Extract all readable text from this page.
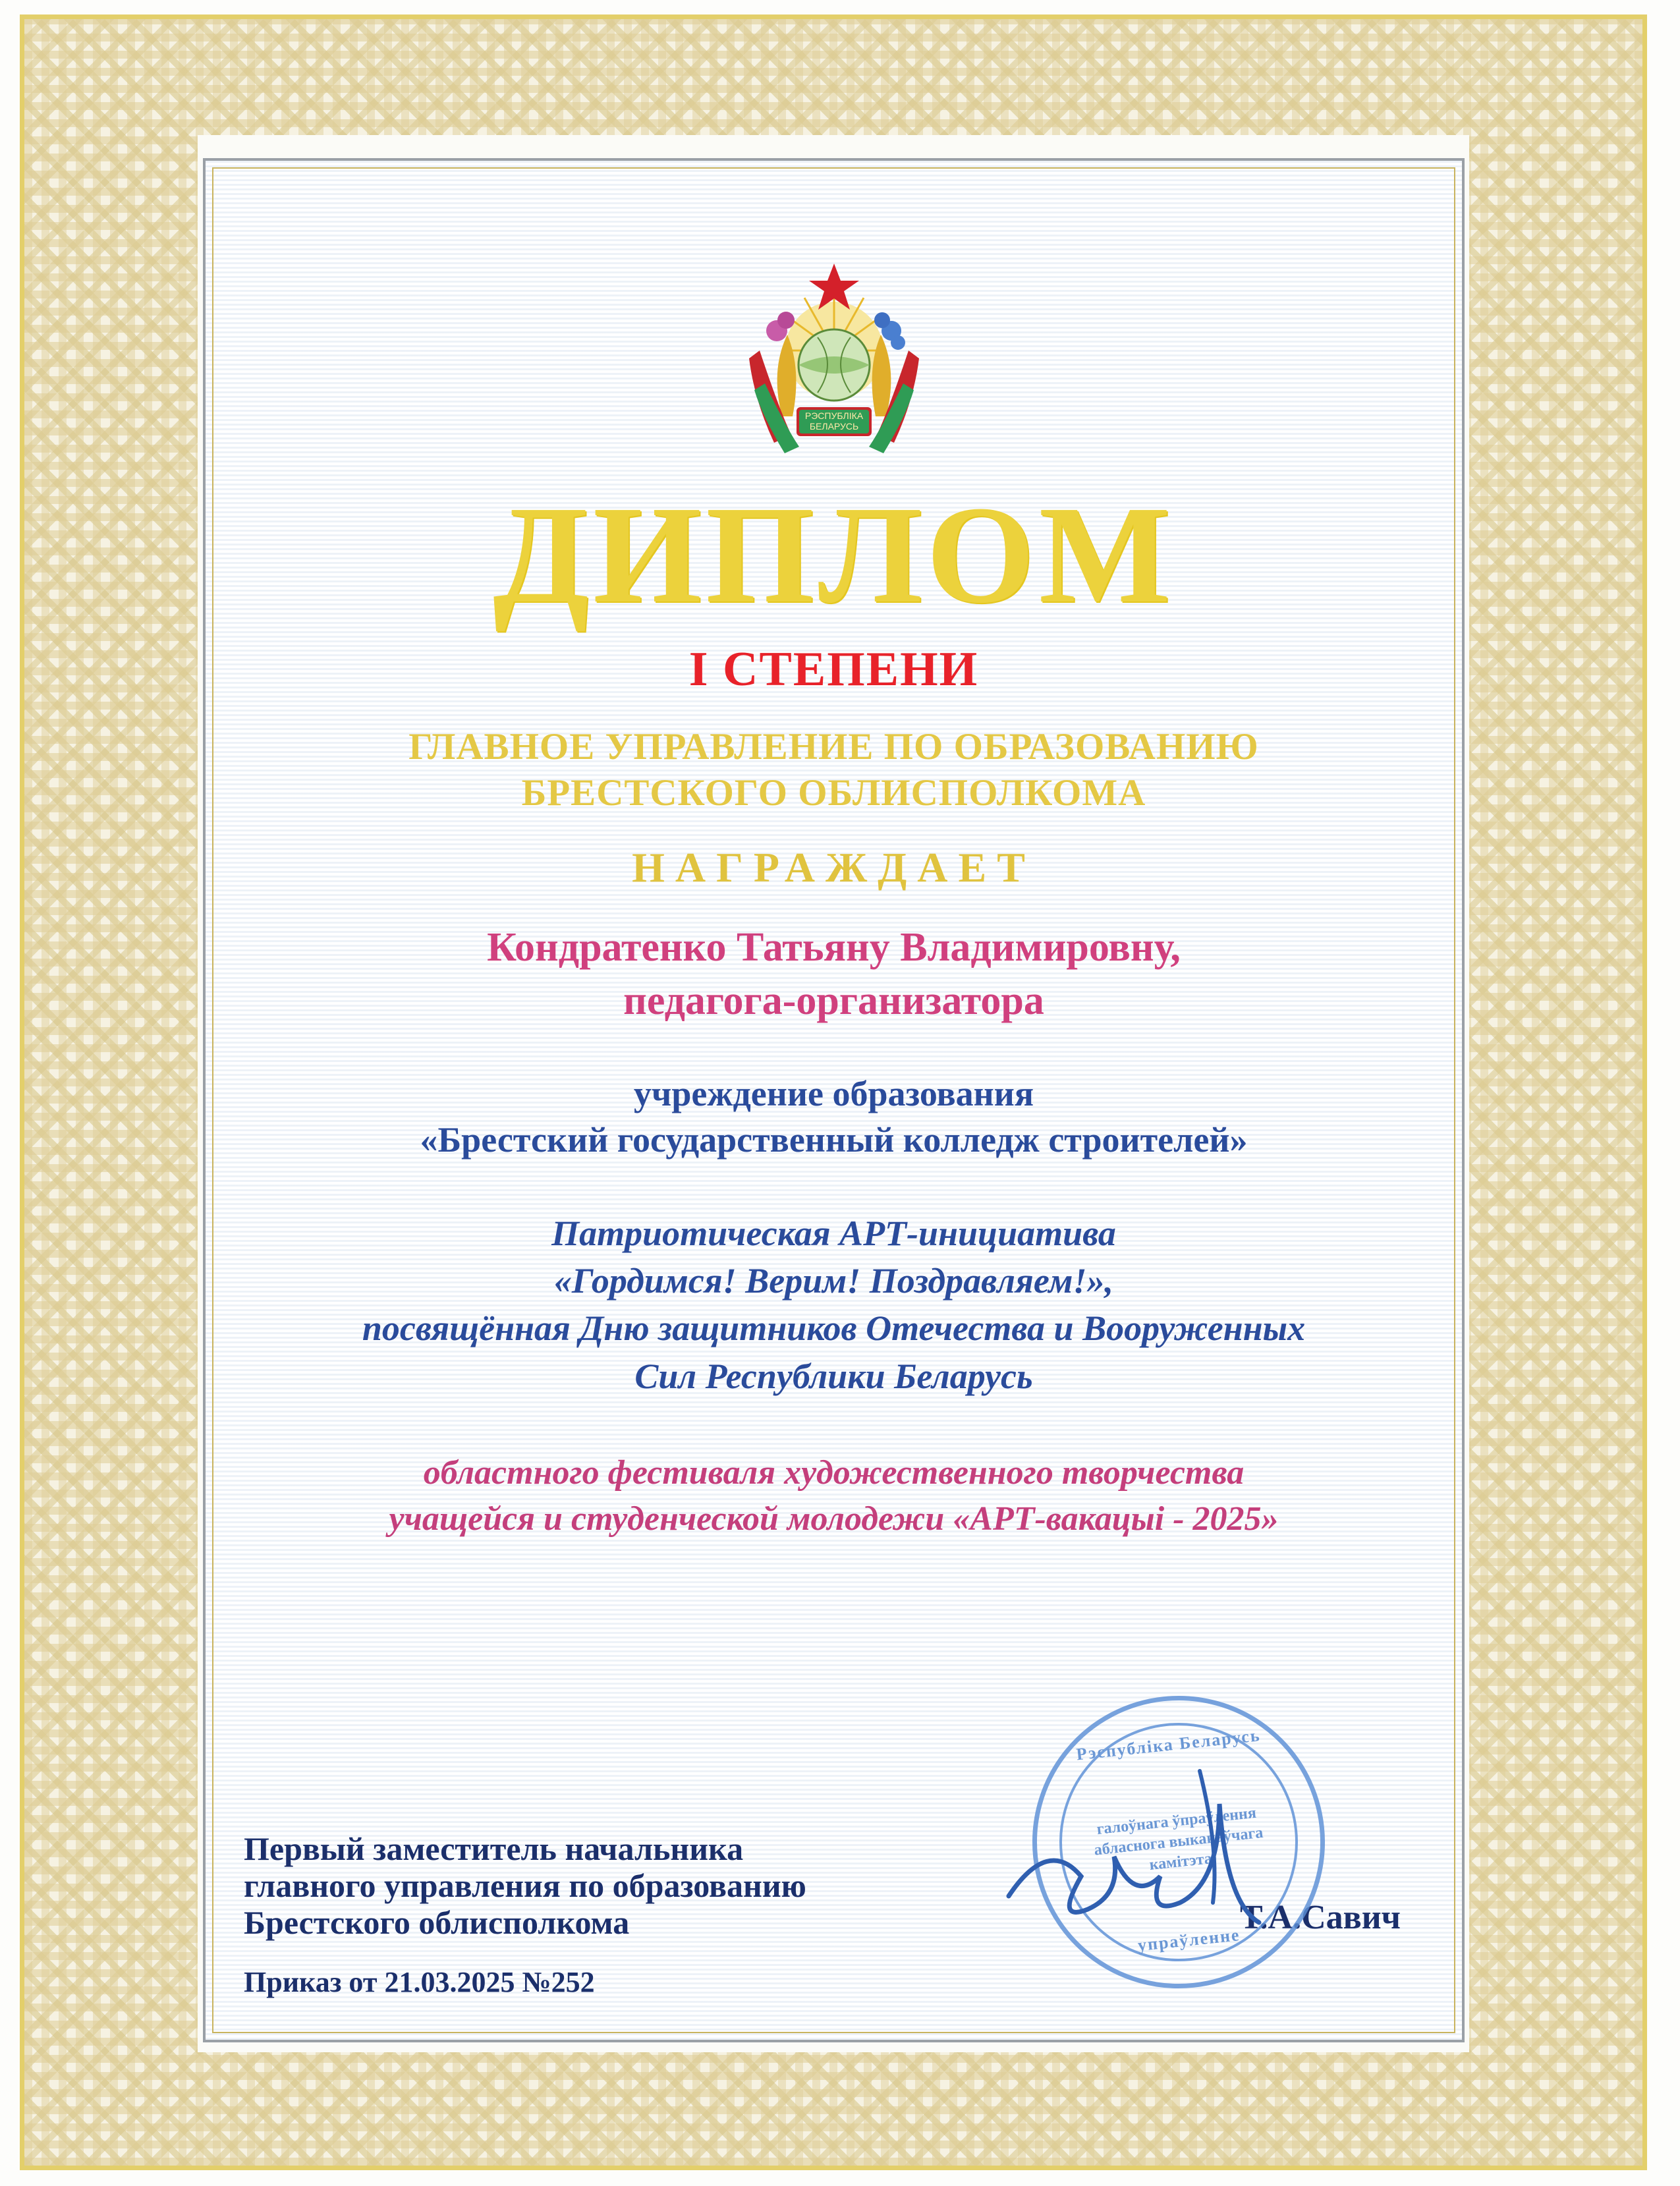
РЭСПУБЛІКА
БЕЛАРУСЬ
ДИПЛОМ
I СТЕПЕНИ
ГЛАВНОЕ УПРАВЛЕНИЕ ПО ОБРАЗОВАНИЮ
БРЕСТСКОГО ОБЛИСПОЛКОМА
НАГРАЖДАЕТ
Кондратенко Татьяну Владимировну,
педагога-организатора
учреждение образования
«Брестский государственный колледж строителей»
Патриотическая АРТ-инициатива
«Гордимся! Верим! Поздравляем!»,
посвящённая Дню защитников Отечества и Вооруженных
Сил Республики Беларусь
областного фестиваля художественного творчества
учащейся и студенческой молодежи «АРТ-вакацыі - 2025»
Первый заместитель начальника
главного управления по образованию
Брестского облисполкома	Т.А.Савич
Приказ от 21.03.2025 №252
Рэспубліка Беларусь
галоўнага ўпраўлення абласнога выканаўчага камітэта
упраўленне
